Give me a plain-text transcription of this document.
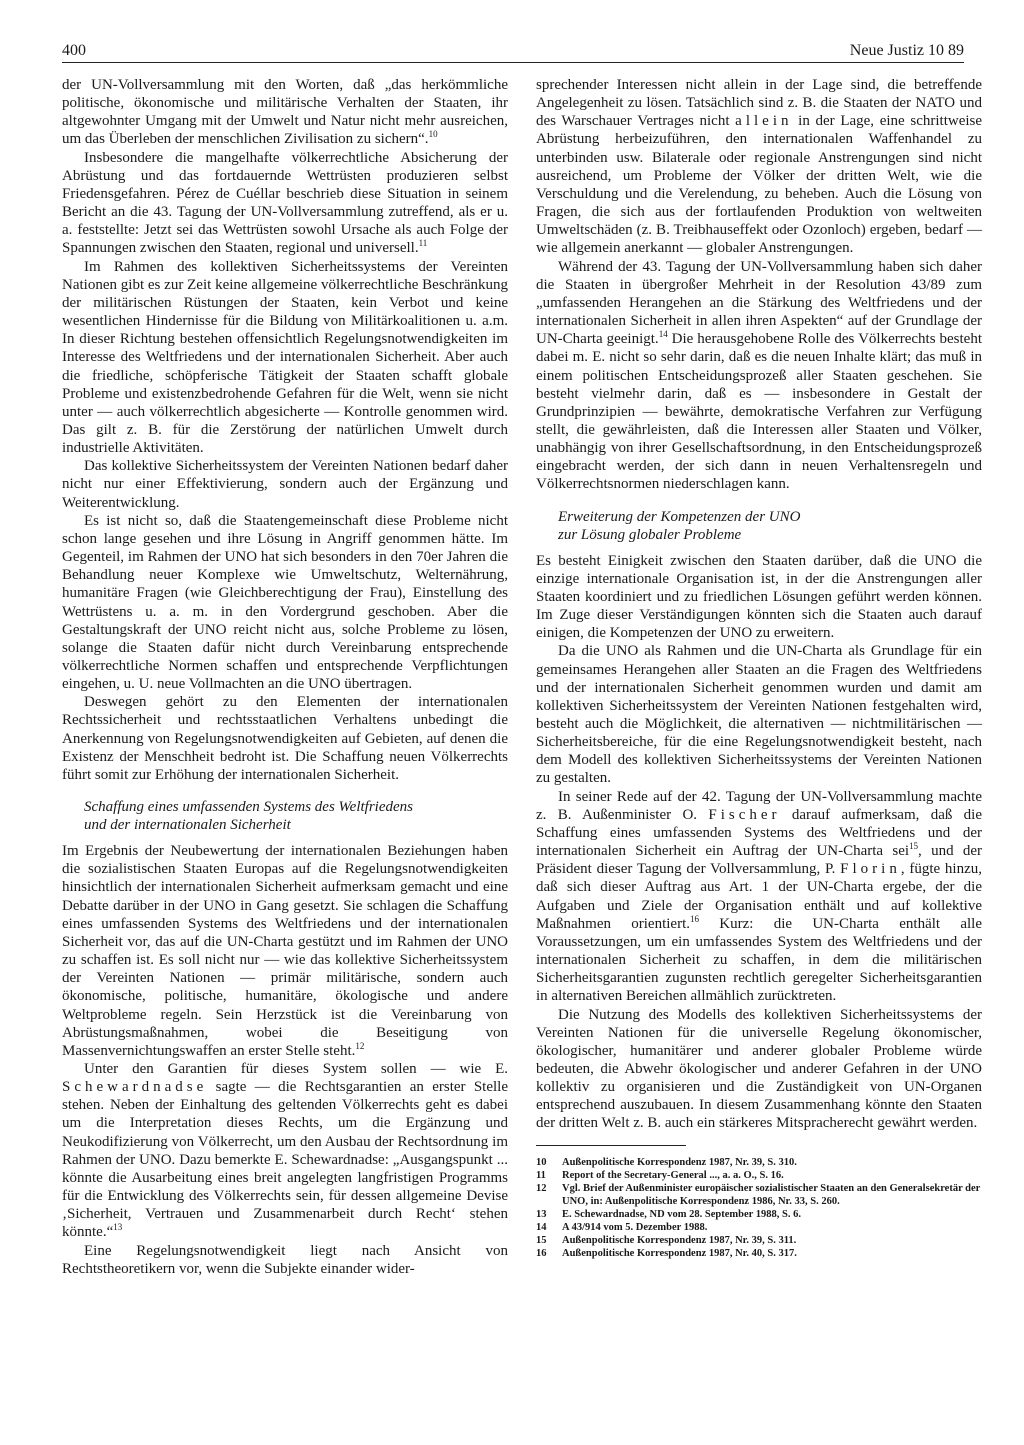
400	Neue Justiz 10 89

der UN-Vollversammlung mit den Worten, daß „das herkömmliche politische, ökonomische und militärische Verhalten der Staaten, ihr altgewohnter Umgang mit der Umwelt und Natur nicht mehr ausreichen, um das Überleben der menschlichen Zivilisation zu sichern“.$^{10}$

Insbesondere die mangelhafte völkerrechtliche Absicherung der Abrüstung und das fortdauernde Wettrüsten produzieren selbst Friedensgefahren. Pérez de Cuéllar beschrieb diese Situation in seinem Bericht an die 43. Tagung der UN-Vollversammlung zutreffend, als er u. a. feststellte: Jetzt sei das Wettrüsten sowohl Ursache als auch Folge der Spannungen zwischen den Staaten, regional und universell.$^{11}$

Im Rahmen des kollektiven Sicherheitssystems der Vereinten Nationen gibt es zur Zeit keine allgemeine völkerrechtliche Beschränkung der militärischen Rüstungen der Staaten, kein Verbot und keine wesentlichen Hindernisse für die Bildung von Militärkoalitionen u. a.m. In dieser Richtung bestehen offensichtlich Regelungsnotwendigkeiten im Interesse des Weltfriedens und der internationalen Sicherheit. Aber auch die friedliche, schöpferische Tätigkeit der Staaten schafft globale Probleme und existenzbedrohende Gefahren für die Welt, wenn sie nicht unter — auch völkerrechtlich abgesicherte — Kontrolle genommen wird. Das gilt z. B. für die Zerstörung der natürlichen Umwelt durch industrielle Aktivitäten.

Das kollektive Sicherheitssystem der Vereinten Nationen bedarf daher nicht nur einer Effektivierung, sondern auch der Ergänzung und Weiterentwicklung.

Es ist nicht so, daß die Staatengemeinschaft diese Probleme nicht schon lange gesehen und ihre Lösung in Angriff genommen hätte. Im Gegenteil, im Rahmen der UNO hat sich besonders in den 70er Jahren die Behandlung neuer Komplexe wie Umweltschutz, Welternährung, humanitäre Fragen (wie Gleichberechtigung der Frau), Einstellung des Wettrüstens u. a. m. in den Vordergrund geschoben. Aber die Gestaltungskraft der UNO reicht nicht aus, solche Probleme zu lösen, solange die Staaten dafür nicht durch Vereinbarung entsprechende völkerrechtliche Normen schaffen und entsprechende Verpflichtungen eingehen, u. U. neue Vollmachten an die UNO übertragen.

Deswegen gehört zu den Elementen der internationalen Rechtssicherheit und rechtsstaatlichen Verhaltens unbedingt die Anerkennung von Regelungsnotwendigkeiten auf Gebieten, auf denen die Existenz der Menschheit bedroht ist. Die Schaffung neuen Völkerrechts führt somit zur Erhöhung der internationalen Sicherheit.

Schaffung eines umfassenden Systems des Weltfriedens
und der internationalen Sicherheit

Im Ergebnis der Neubewertung der internationalen Beziehungen haben die sozialistischen Staaten Europas auf die Regelungsnotwendigkeiten hinsichtlich der internationalen Sicherheit aufmerksam gemacht und eine Debatte darüber in der UNO in Gang gesetzt. Sie schlagen die Schaffung eines umfassenden Systems des Weltfriedens und der internationalen Sicherheit vor, das auf die UN-Charta gestützt und im Rahmen der UNO zu schaffen ist. Es soll nicht nur — wie das kollektive Sicherheitssystem der Vereinten Nationen — primär militärische, sondern auch ökonomische, politische, humanitäre, ökologische und andere Weltprobleme regeln. Sein Herzstück ist die Vereinbarung von Abrüstungsmaßnahmen, wobei die Beseitigung von Massenvernichtungswaffen an erster Stelle steht.$^{12}$

Unter den Garantien für dieses System sollen — wie E. Schewardnadse sagte — die Rechtsgarantien an erster Stelle stehen. Neben der Einhaltung des geltenden Völkerrechts geht es dabei um die Interpretation dieses Rechts, um die Ergänzung und Neukodifizierung von Völkerrecht, um den Ausbau der Rechtsordnung im Rahmen der UNO. Dazu bemerkte E. Schewardnadse: „Ausgangspunkt ... könnte die Ausarbeitung eines breit angelegten langfristigen Programms für die Entwicklung des Völkerrechts sein, für dessen allgemeine Devise ‚Sicherheit, Vertrauen und Zusammenarbeit durch Recht‘ stehen könnte.“$^{13}$

Eine Regelungsnotwendigkeit liegt nach Ansicht von Rechtstheoretikern vor, wenn die Subjekte einander wider-

sprechender Interessen nicht allein in der Lage sind, die betreffende Angelegenheit zu lösen. Tatsächlich sind z. B. die Staaten der NATO und des Warschauer Vertrages nicht allein in der Lage, eine schrittweise Abrüstung herbeizuführen, den internationalen Waffenhandel zu unterbinden usw. Bilaterale oder regionale Anstrengungen sind nicht ausreichend, um Probleme der Völker der dritten Welt, wie die Verschuldung und die Verelendung, zu beheben. Auch die Lösung von Fragen, die sich aus der fortlaufenden Produktion von weltweiten Umweltschäden (z. B. Treibhauseffekt oder Ozonloch) ergeben, bedarf — wie allgemein anerkannt — globaler Anstrengungen.

Während der 43. Tagung der UN-Vollversammlung haben sich daher die Staaten in übergroßer Mehrheit in der Resolution 43/89 zum „umfassenden Herangehen an die Stärkung des Weltfriedens und der internationalen Sicherheit in allen ihren Aspekten“ auf der Grundlage der UN-Charta geeinigt.$^{14}$ Die herausgehobene Rolle des Völkerrechts besteht dabei m. E. nicht so sehr darin, daß es die neuen Inhalte klärt; das muß in einem politischen Entscheidungsprozeß aller Staaten geschehen. Sie besteht vielmehr darin, daß es — insbesondere in Gestalt der Grundprinzipien — bewährte, demokratische Verfahren zur Verfügung stellt, die gewährleisten, daß die Interessen aller Staaten und Völker, unabhängig von ihrer Gesellschaftsordnung, in den Entscheidungsprozeß eingebracht werden, der sich dann in neuen Verhaltensregeln und Völkerrechtsnormen niederschlagen kann.

Erweiterung der Kompetenzen der UNO
zur Lösung globaler Probleme

Es besteht Einigkeit zwischen den Staaten darüber, daß die UNO die einzige internationale Organisation ist, in der die Anstrengungen aller Staaten koordiniert und zu friedlichen Lösungen geführt werden können. Im Zuge dieser Verständigungen könnten sich die Staaten auch darauf einigen, die Kompetenzen der UNO zu erweitern.

Da die UNO als Rahmen und die UN-Charta als Grundlage für ein gemeinsames Herangehen aller Staaten an die Fragen des Weltfriedens und der internationalen Sicherheit genommen wurden und damit am kollektiven Sicherheitssystem der Vereinten Nationen festgehalten wird, besteht auch die Möglichkeit, die alternativen — nichtmilitärischen — Sicherheitsbereiche, für die eine Regelungsnotwendigkeit besteht, nach dem Modell des kollektiven Sicherheitssystems der Vereinten Nationen zu gestalten.

In seiner Rede auf der 42. Tagung der UN-Vollversammlung machte z. B. Außenminister O. Fischer darauf aufmerksam, daß die Schaffung eines umfassenden Systems des Weltfriedens und der internationalen Sicherheit ein Auftrag der UN-Charta sei$^{15}$, und der Präsident dieser Tagung der Vollversammlung, P. Florin, fügte hinzu, daß sich dieser Auftrag aus Art. 1 der UN-Charta ergebe, der die Aufgaben und Ziele der Organisation enthält und auf kollektive Maßnahmen orientiert.$^{16}$ Kurz: die UN-Charta enthält alle Voraussetzungen, um ein umfassendes System des Weltfriedens und der internationalen Sicherheit zu schaffen, in dem die militärischen Sicherheitsgarantien zugunsten rechtlich geregelter Sicherheitsgarantien in alternativen Bereichen allmählich zurücktreten.

Die Nutzung des Modells des kollektiven Sicherheitssystems der Vereinten Nationen für die universelle Regelung ökonomischer, ökologischer, humanitärer und anderer globaler Probleme würde bedeuten, die Abwehr ökologischer und anderer Gefahren in der UNO kollektiv zu organisieren und die Zuständigkeit von UN-Organen entsprechend auszubauen. In diesem Zusammenhang könnte den Staaten der dritten Welt z. B. auch ein stärkeres Mitspracherecht gewährt werden.

10	Außenpolitische Korrespondenz 1987, Nr. 39, S. 310.
11	Report of the Secretary-General ..., a. a. O., S. 16.
12	Vgl. Brief der Außenminister europäischer sozialistischer Staaten an den Generalsekretär der UNO, in: Außenpolitische Korrespondenz 1986, Nr. 33, S. 260.
13	E. Schewardnadse, ND vom 28. September 1988, S. 6.
14	A 43/914 vom 5. Dezember 1988.
15	Außenpolitische Korrespondenz 1987, Nr. 39, S. 311.
16	Außenpolitische Korrespondenz 1987, Nr. 40, S. 317.
